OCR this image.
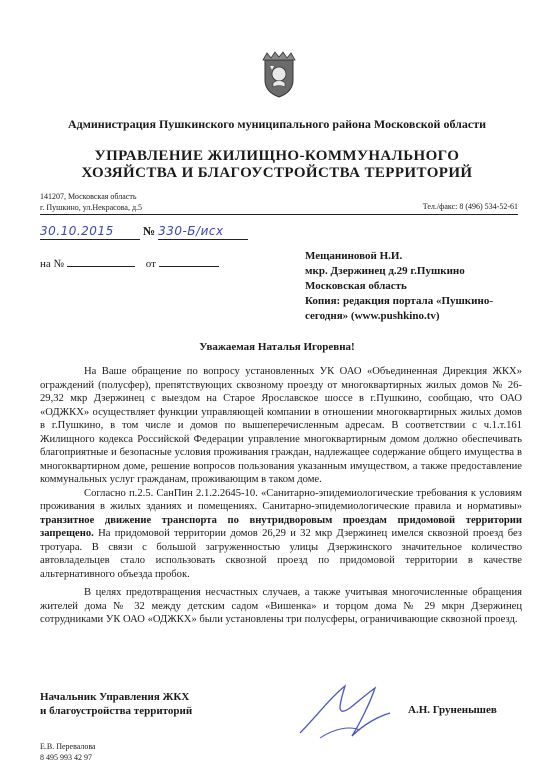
Администрация Пушкинского муниципального района Московской области
УПРАВЛЕНИЕ ЖИЛИЩНО-КОММУНАЛЬНОГО
ХОЗЯЙСТВА И БЛАГОУСТРОЙСТВА ТЕРРИТОРИЙ
141207, Московская область
г. Пушкино, ул.Некрасова, д.5	Тел./факс: 8 (496) 534-52-61
30.10.2015 № 330-Б/исх
на №	от
Мещаниновой Н.И.
мкр. Дзержинец д.29 г.Пушкино
Московская область
Копия: редакция портала «Пушкино-сегодня» (www.pushkino.tv)
Уважаемая Наталья Игоревна!

На Ваше обращение по вопросу установленных УК ОАО «Объединенная Дирекция ЖКХ» ограждений (полусфер), препятствующих сквозному проезду от многоквартирных жилых домов № 26-29,32 мкр Дзержинец с выездом на Старое Ярославское шоссе в г.Пушкино, сообщаю, что ОАО «ОДЖКХ» осуществляет функции управляющей компании в отношении многоквартирных жилых домов в г.Пушкино, в том числе и домов по вышеперечисленным адресам. В соответствии с ч.1.т.161 Жилищного кодекса Российской Федерации управление многоквартирным домом должно обеспечивать благоприятные и безопасные условия проживания граждан, надлежащее содержание общего имущества в многоквартирном доме, решение вопросов пользования указанным имуществом, а также предоставление коммунальных услуг гражданам, проживающим в таком доме.

Согласно п.2.5. СанПин 2.1.2.2645-10. «Санитарно-эпидемиологические требования к условиям проживания в жилых зданиях и помещениях. Санитарно-эпидемиологические правила и нормативы» транзитное движение транспорта по внутридворовым проездам придомовой территории запрещено. На придомовой территории домов 26,29 и 32 мкр Дзержинец имелся сквозной проезд без тротуара. В связи с большой загруженностью улицы Дзержинского значительное количество автовладельцев стало использовать сквозной проезд по придомовой территории в качестве альтернативного объезда пробок.

В целях предотвращения несчастных случаев, а также учитывая многочисленные обращения жителей дома № 32 между детским садом «Вишенка» и торцом дома № 29 мкрн Дзержинец сотрудниками УК ОАО «ОДЖКХ» были установлены три полусферы, ограничивающие сквозной проезд.

Начальник Управления ЖКХ
и благоустройства территорий	А.Н. Груненышев
Е.В. Перевалова
8 495 993 42 97
